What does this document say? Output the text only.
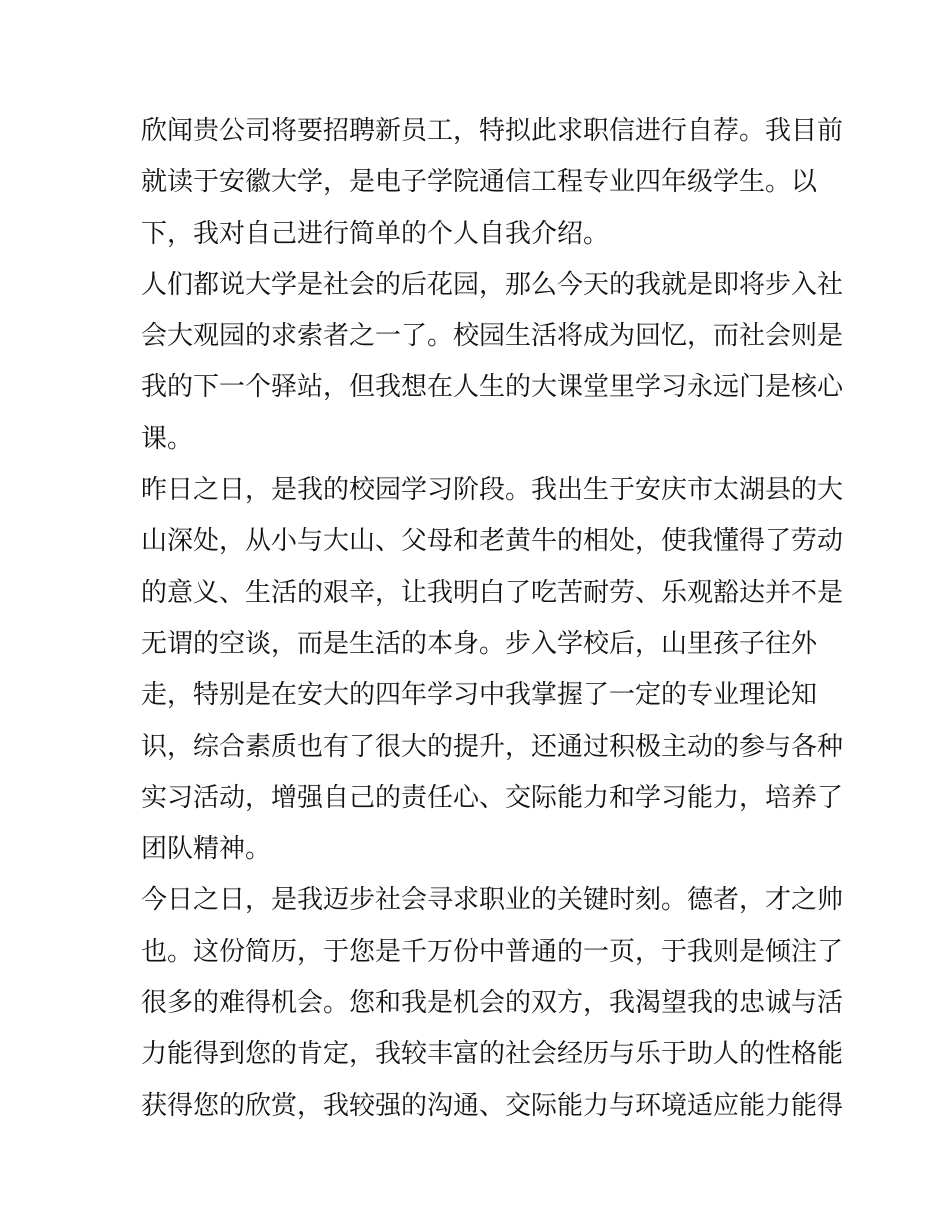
欣闻贵公司将要招聘新员工，特拟此求职信进行自荐。我目前
就读于安徽大学，是电子学院通信工程专业四年级学生。以
下，我对自己进行简单的个人自我介绍。
人们都说大学是社会的后花园，那么今天的我就是即将步入社
会大观园的求索者之一了。校园生活将成为回忆，而社会则是
我的下一个驿站，但我想在人生的大课堂里学习永远门是核心
课。
昨日之日，是我的校园学习阶段。我出生于安庆市太湖县的大
山深处，从小与大山、父母和老黄牛的相处，使我懂得了劳动
的意义、生活的艰辛，让我明白了吃苦耐劳、乐观豁达并不是
无谓的空谈，而是生活的本身。步入学校后，山里孩子往外
走，特别是在安大的四年学习中我掌握了一定的专业理论知
识，综合素质也有了很大的提升，还通过积极主动的参与各种
实习活动，增强自己的责任心、交际能力和学习能力，培养了
团队精神。
今日之日，是我迈步社会寻求职业的关键时刻。德者，才之帅
也。这份简历，于您是千万份中普通的一页，于我则是倾注了
很多的难得机会。您和我是机会的双方，我渴望我的忠诚与活
力能得到您的肯定，我较丰富的社会经历与乐于助人的性格能
获得您的欣赏，我较强的沟通、交际能力与环境适应能力能得
